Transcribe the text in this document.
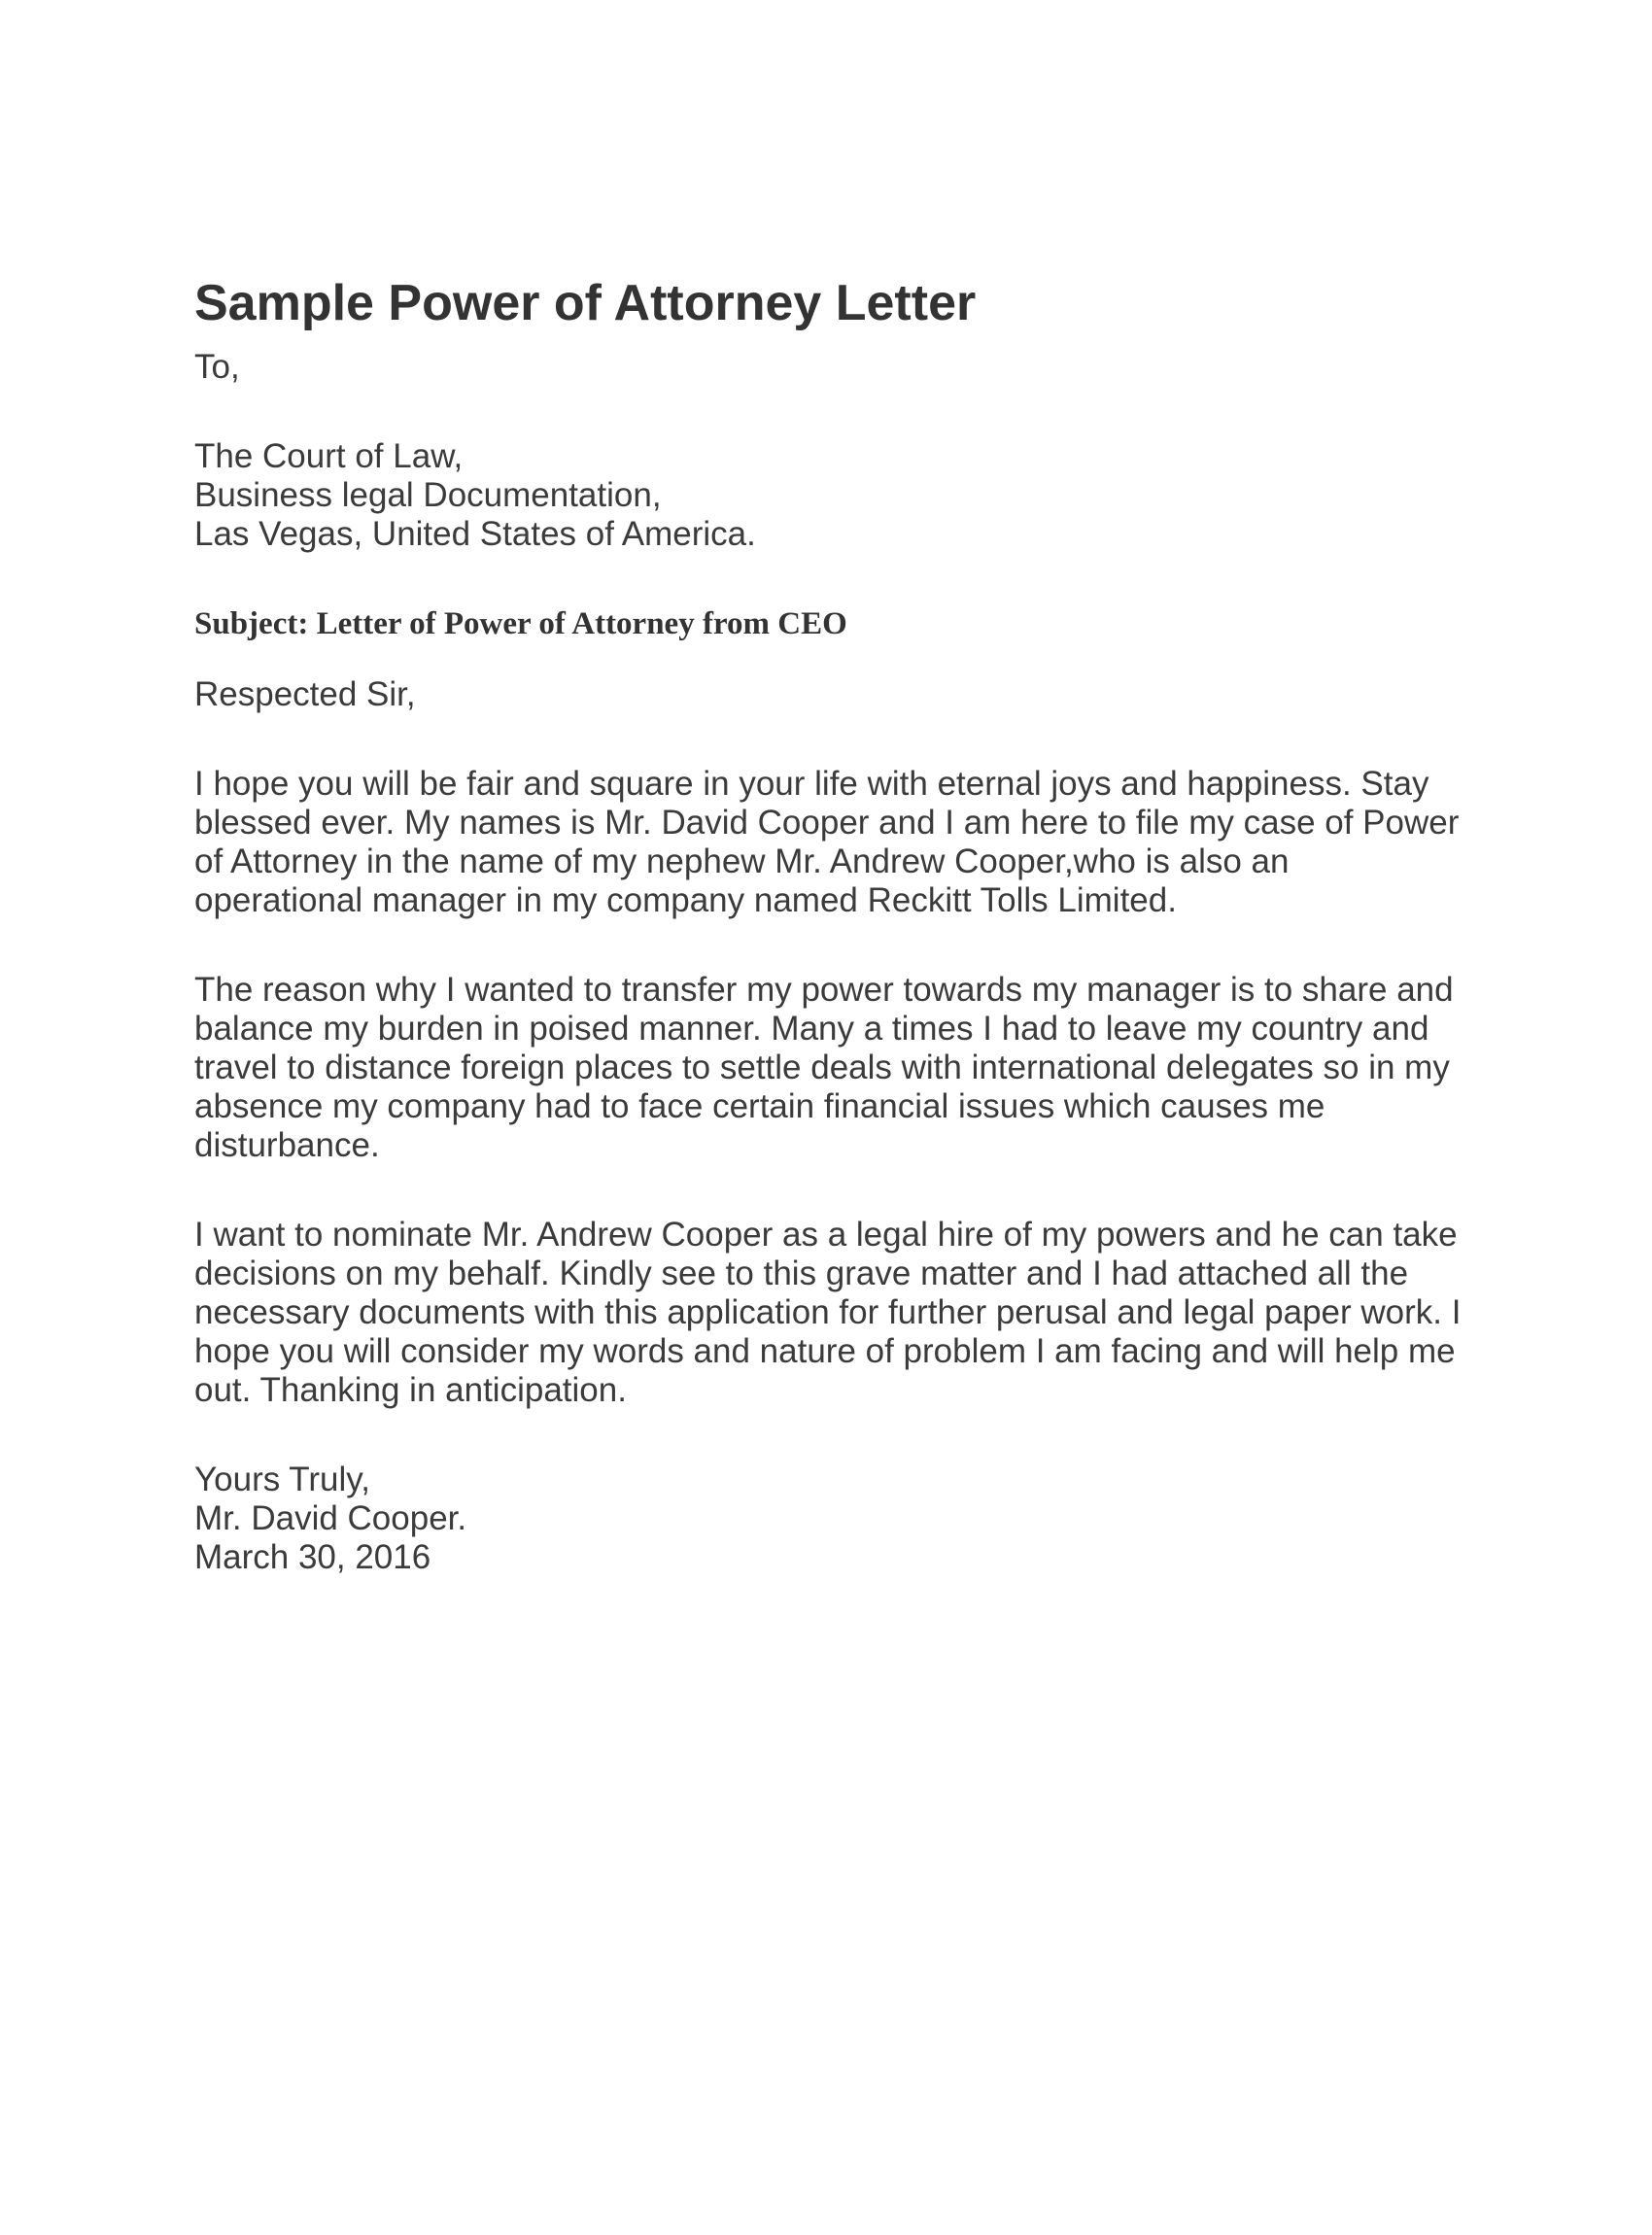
Sample Power of Attorney Letter

To,

The Court of Law,

Business legal Documentation,

Las Vegas, United States of America.

Subject: Letter of Power of Attorney from CEO

Respected Sir,

I hope you will be fair and square in your life with eternal joys and happiness. Stay
blessed ever. My names is Mr. David Cooper and I am here to file my case of Power
of Attorney in the name of my nephew Mr. Andrew Cooper,who is also an
operational manager in my company named Reckitt Tolls Limited.
The reason why I wanted to transfer my power towards my manager is to share and
balance my burden in poised manner. Many a times I had to leave my country and
travel to distance foreign places to settle deals with international delegates so in my
absence my company had to face certain financial issues which causes me
disturbance.
I want to nominate Mr. Andrew Cooper as a legal hire of my powers and he can take
decisions on my behalf. Kindly see to this grave matter and I had attached all the
necessary documents with this application for further perusal and legal paper work. I
hope you will consider my words and nature of problem I am facing and will help me
out. Thanking in anticipation.

Yours Truly,

Mr. David Cooper.

March 30, 2016
